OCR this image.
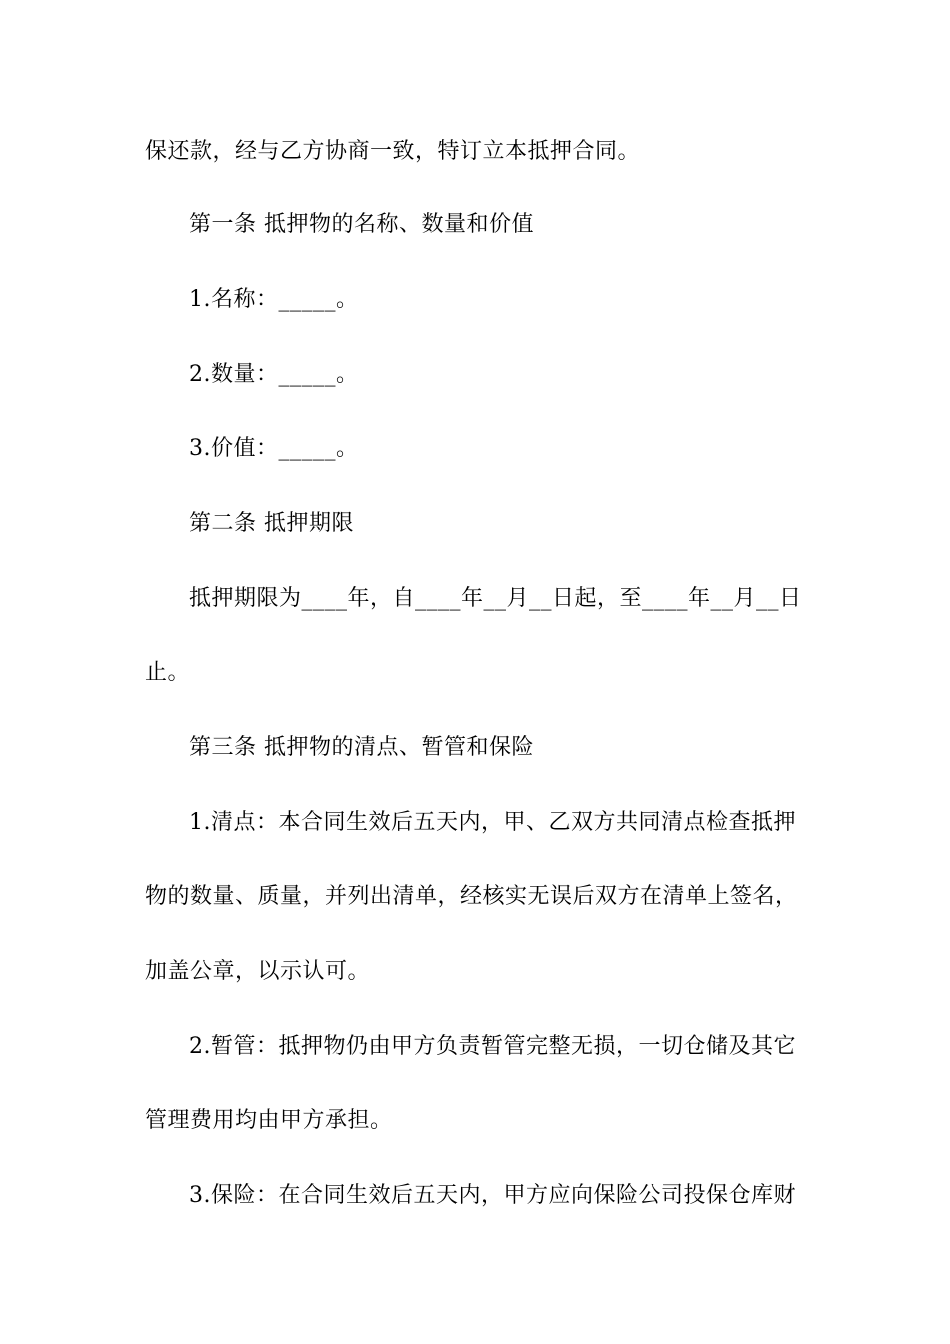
保还款，经与乙方协商一致，特订立本抵押合同。
第一条 抵押物的名称、数量和价值
1.名称：_____。
2.数量：_____。
3.价值：_____。
第二条 抵押期限
抵押期限为____年，自____年__月__日起，至____年__月__日
止。
第三条 抵押物的清点、暂管和保险
1.清点：本合同生效后五天内，甲、乙双方共同清点检查抵押
物的数量、质量，并列出清单，经核实无误后双方在清单上签名，
加盖公章，以示认可。
2.暂管：抵押物仍由甲方负责暂管完整无损，一切仓储及其它
管理费用均由甲方承担。
3.保险：在合同生效后五天内，甲方应向保险公司投保仓库财
